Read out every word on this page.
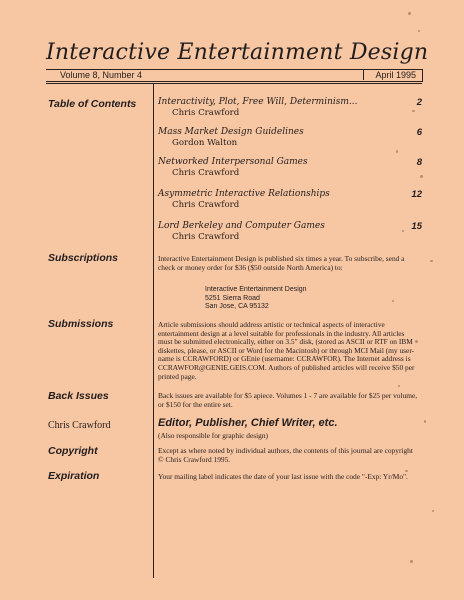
Interactive Entertainment Design
Volume 8, Number 4	April 1995
Table of Contents
Subscriptions
Submissions
Back Issues
Chris Crawford
Copyright
Expiration
Interactivity, Plot, Free Will, Determinism...
Chris Crawford
2
Mass Market Design Guidelines
Gordon Walton
6
Networked Interpersonal Games
Chris Crawford
8
Asymmetric Interactive Relationships
Chris Crawford
12
Lord Berkeley and Computer Games
Chris Crawford
15
Interactive Entertainment Design is published six times a year. To subscribe, send a check or money order for $36 ($50 outside North America) to:
Interactive Entertainment Design
5251 Sierra Road
San Jose, CA 95132
Article submissions should address artistic or technical aspects of interactive entertainment design at a level suitable for professionals in the industry. All articles must be submitted electronically, either on 3.5" disk, (stored as ASCII or RTF on IBM diskettes, please, or ASCII or Word for the Macintosh) or through MCI Mail (my user-name is CCRAWFORD) or GEnie (username: CCRAWFOR). The Internet address is CCRAWFOR@GENIE.GEIS.COM. Authors of published articles will receive $50 per printed page.
Back issues are available for $5 apiece. Volumes 1 - 7 are available for $25 per volume, or $150 for the entire set.
Editor, Publisher, Chief Writer, etc.
(Also responsible for graphic design)
Except as where noted by individual authors, the contents of this journal are copyright © Chris Crawford 1995.
Your mailing label indicates the date of your last issue with the code "-Exp: Yr/Mo".
